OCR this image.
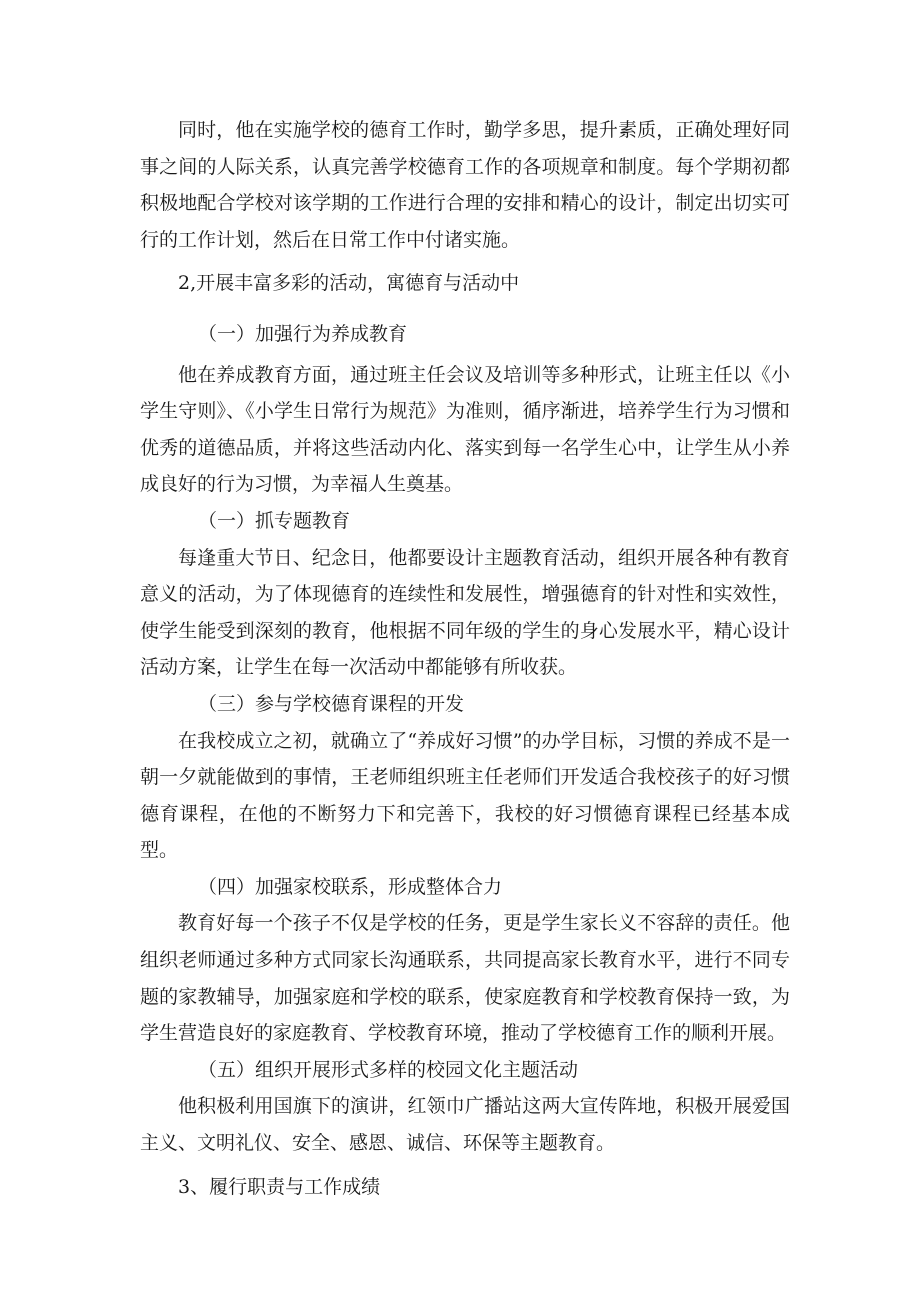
同时，他在实施学校的德育工作时，勤学多思，提升素质，正确处理好同事之间的人际关系，认真完善学校德育工作的各项规章和制度。每个学期初都积极地配合学校对该学期的工作进行合理的安排和精心的设计，制定出切实可行的工作计划，然后在日常工作中付诸实施。

2,开展丰富多彩的活动，寓德育与活动中

（一）加强行为养成教育

他在养成教育方面，通过班主任会议及培训等多种形式，让班主任以《小学生守则》、《小学生日常行为规范》为准则，循序渐进，培养学生行为习惯和优秀的道德品质，并将这些活动内化、落实到每一名学生心中，让学生从小养成良好的行为习惯，为幸福人生奠基。

（一）抓专题教育

每逢重大节日、纪念日，他都要设计主题教育活动，组织开展各种有教育意义的活动，为了体现德育的连续性和发展性，增强德育的针对性和实效性，使学生能受到深刻的教育，他根据不同年级的学生的身心发展水平，精心设计活动方案，让学生在每一次活动中都能够有所收获。

（三）参与学校德育课程的开发

在我校成立之初，就确立了“养成好习惯”的办学目标，习惯的养成不是一朝一夕就能做到的事情，王老师组织班主任老师们开发适合我校孩子的好习惯德育课程，在他的不断努力下和完善下，我校的好习惯德育课程已经基本成型。

（四）加强家校联系，形成整体合力

教育好每一个孩子不仅是学校的任务，更是学生家长义不容辞的责任。他组织老师通过多种方式同家长沟通联系，共同提高家长教育水平，进行不同专题的家教辅导，加强家庭和学校的联系，使家庭教育和学校教育保持一致，为学生营造良好的家庭教育、学校教育环境，推动了学校德育工作的顺利开展。

（五）组织开展形式多样的校园文化主题活动

他积极利用国旗下的演讲，红领巾广播站这两大宣传阵地，积极开展爱国主义、文明礼仪、安全、感恩、诚信、环保等主题教育。

3、履行职责与工作成绩
